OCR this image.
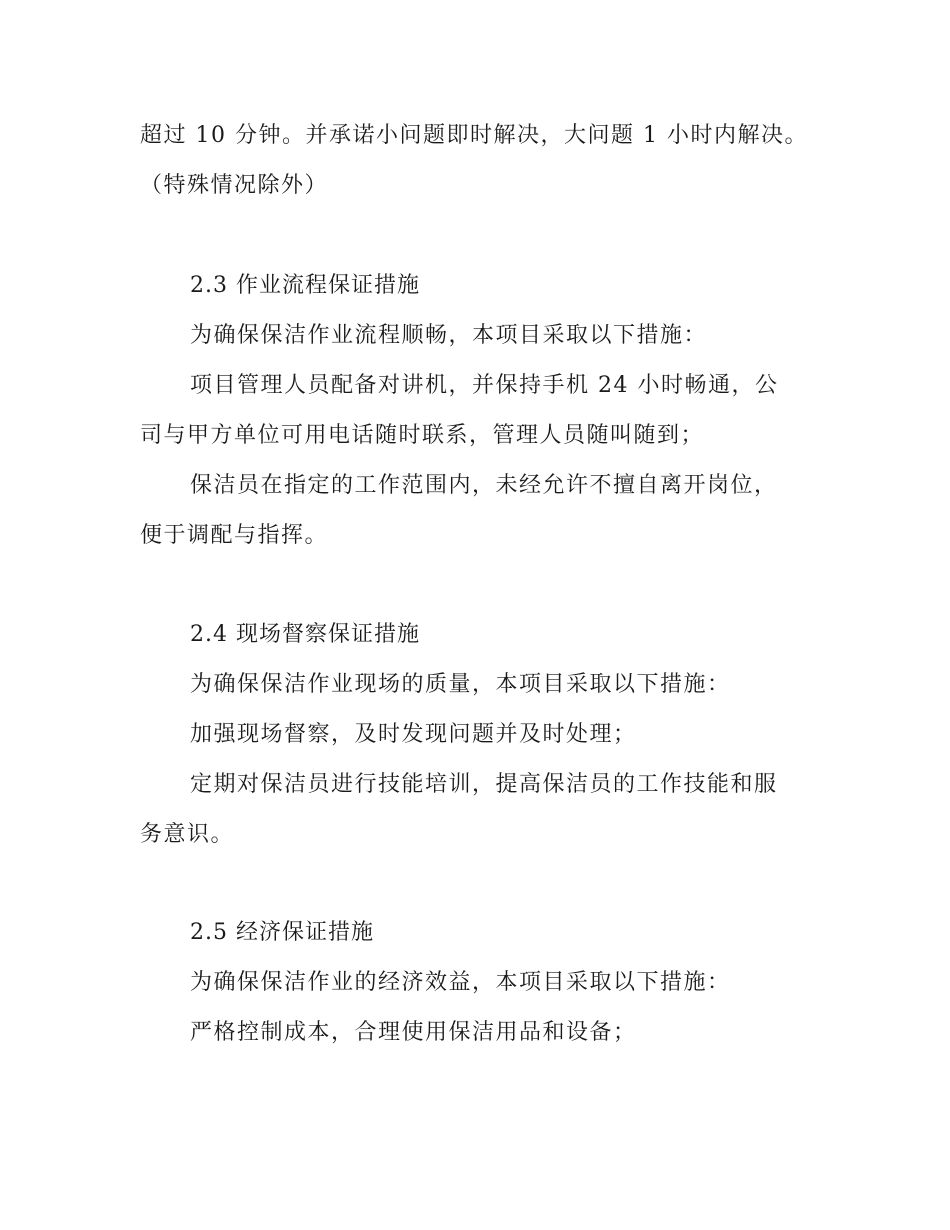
超过 10 分钟。并承诺小问题即时解决，大问题 1 小时内解决。
（特殊情况除外）
2.3 作业流程保证措施
为确保保洁作业流程顺畅，本项目采取以下措施：
项目管理人员配备对讲机，并保持手机 24 小时畅通，公
司与甲方单位可用电话随时联系，管理人员随叫随到；
保洁员在指定的工作范围内，未经允许不擅自离开岗位，
便于调配与指挥。
2.4 现场督察保证措施
为确保保洁作业现场的质量，本项目采取以下措施：
加强现场督察，及时发现问题并及时处理；
定期对保洁员进行技能培训，提高保洁员的工作技能和服
务意识。
2.5 经济保证措施
为确保保洁作业的经济效益，本项目采取以下措施：
严格控制成本，合理使用保洁用品和设备；
